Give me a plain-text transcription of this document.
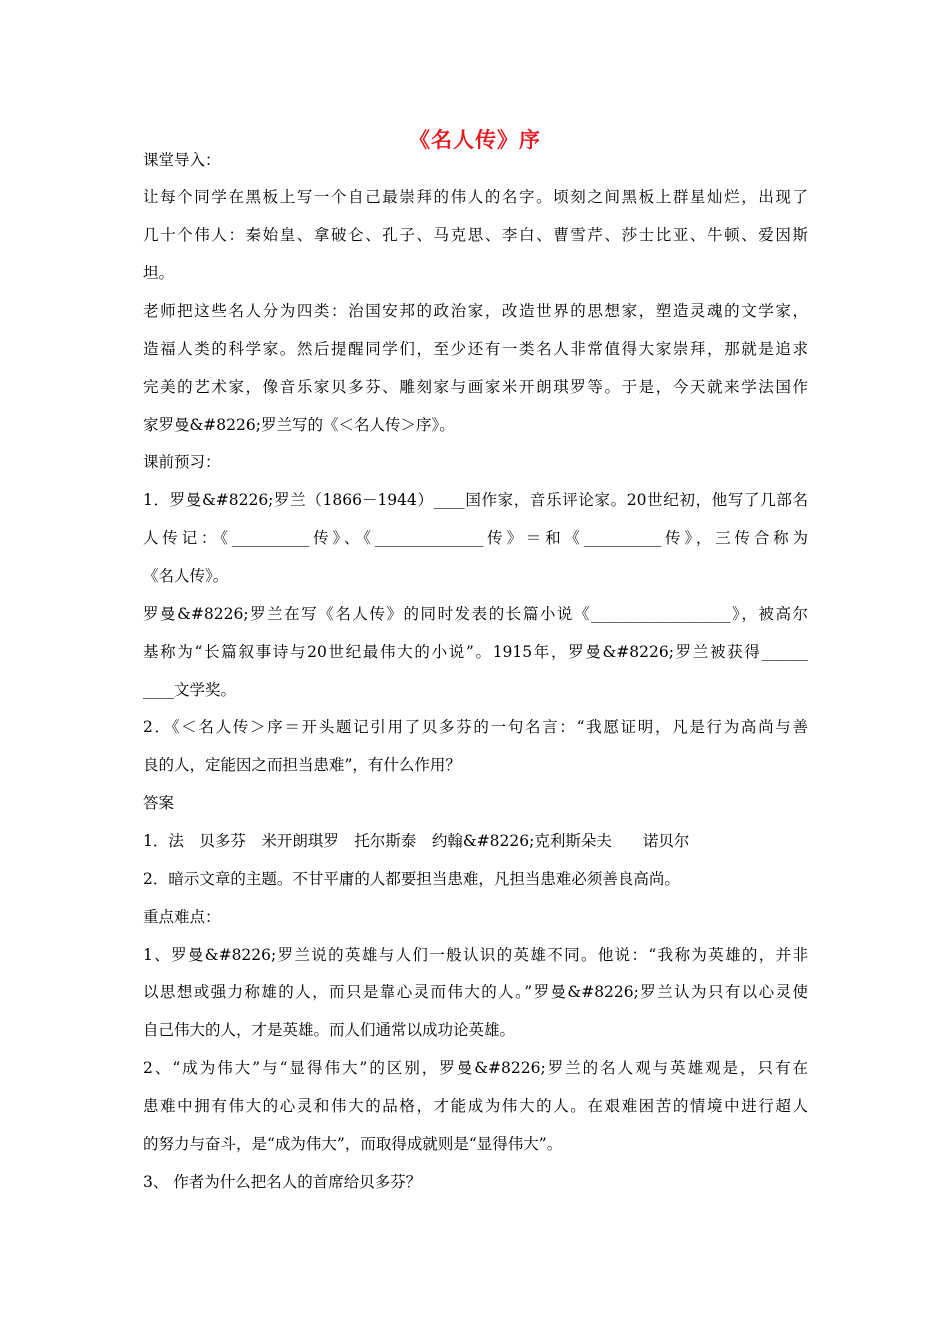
《名人传》序
课堂导入：
让每个同学在黑板上写一个自己最崇拜的伟人的名字。顷刻之间黑板上群星灿烂，出现了
几十个伟人：秦始皇、拿破仑、孔子、马克思、李白、曹雪芹、莎士比亚、牛顿、爱因斯
坦。
老师把这些名人分为四类：治国安邦的政治家，改造世界的思想家，塑造灵魂的文学家，
造福人类的科学家。然后提醒同学们，至少还有一类名人非常值得大家崇拜，那就是追求
完美的艺术家，像音乐家贝多芬、雕刻家与画家米开朗琪罗等。于是，今天就来学法国作
家罗曼&#8226;罗兰写的《＜名人传＞序》。
课前预习：
1．罗曼&#8226;罗兰（1866－1944）____国作家，音乐评论家。20世纪初，他写了几部名
人传记：《__________传》、《______________传》＝和《__________传》，三传合称为
《名人传》。
罗曼&#8226;罗兰在写《名人传》的同时发表的长篇小说《__________________》，被高尔
基称为“长篇叙事诗与20世纪最伟大的小说”。1915年，罗曼&#8226;罗兰被获得______
____文学奖。
2．《＜名人传＞序＝开头题记引用了贝多芬的一句名言：“我愿证明，凡是行为高尚与善
良的人，定能因之而担当患难”，有什么作用？
答案
1．法　贝多芬　米开朗琪罗　托尔斯泰　约翰&#8226;克利斯朵夫　　诺贝尔
2．暗示文章的主题。不甘平庸的人都要担当患难，凡担当患难必须善良高尚。
重点难点：
1、罗曼&#8226;罗兰说的英雄与人们一般认识的英雄不同。他说：“我称为英雄的，并非
以思想或强力称雄的人，而只是靠心灵而伟大的人。”罗曼&#8226;罗兰认为只有以心灵使
自己伟大的人，才是英雄。而人们通常以成功论英雄。
2、“成为伟大”与“显得伟大”的区别，罗曼&#8226;罗兰的名人观与英雄观是，只有在
患难中拥有伟大的心灵和伟大的品格，才能成为伟大的人。在艰难困苦的情境中进行超人
的努力与奋斗，是“成为伟大”，而取得成就则是“显得伟大”。
3、 作者为什么把名人的首席给贝多芬？
